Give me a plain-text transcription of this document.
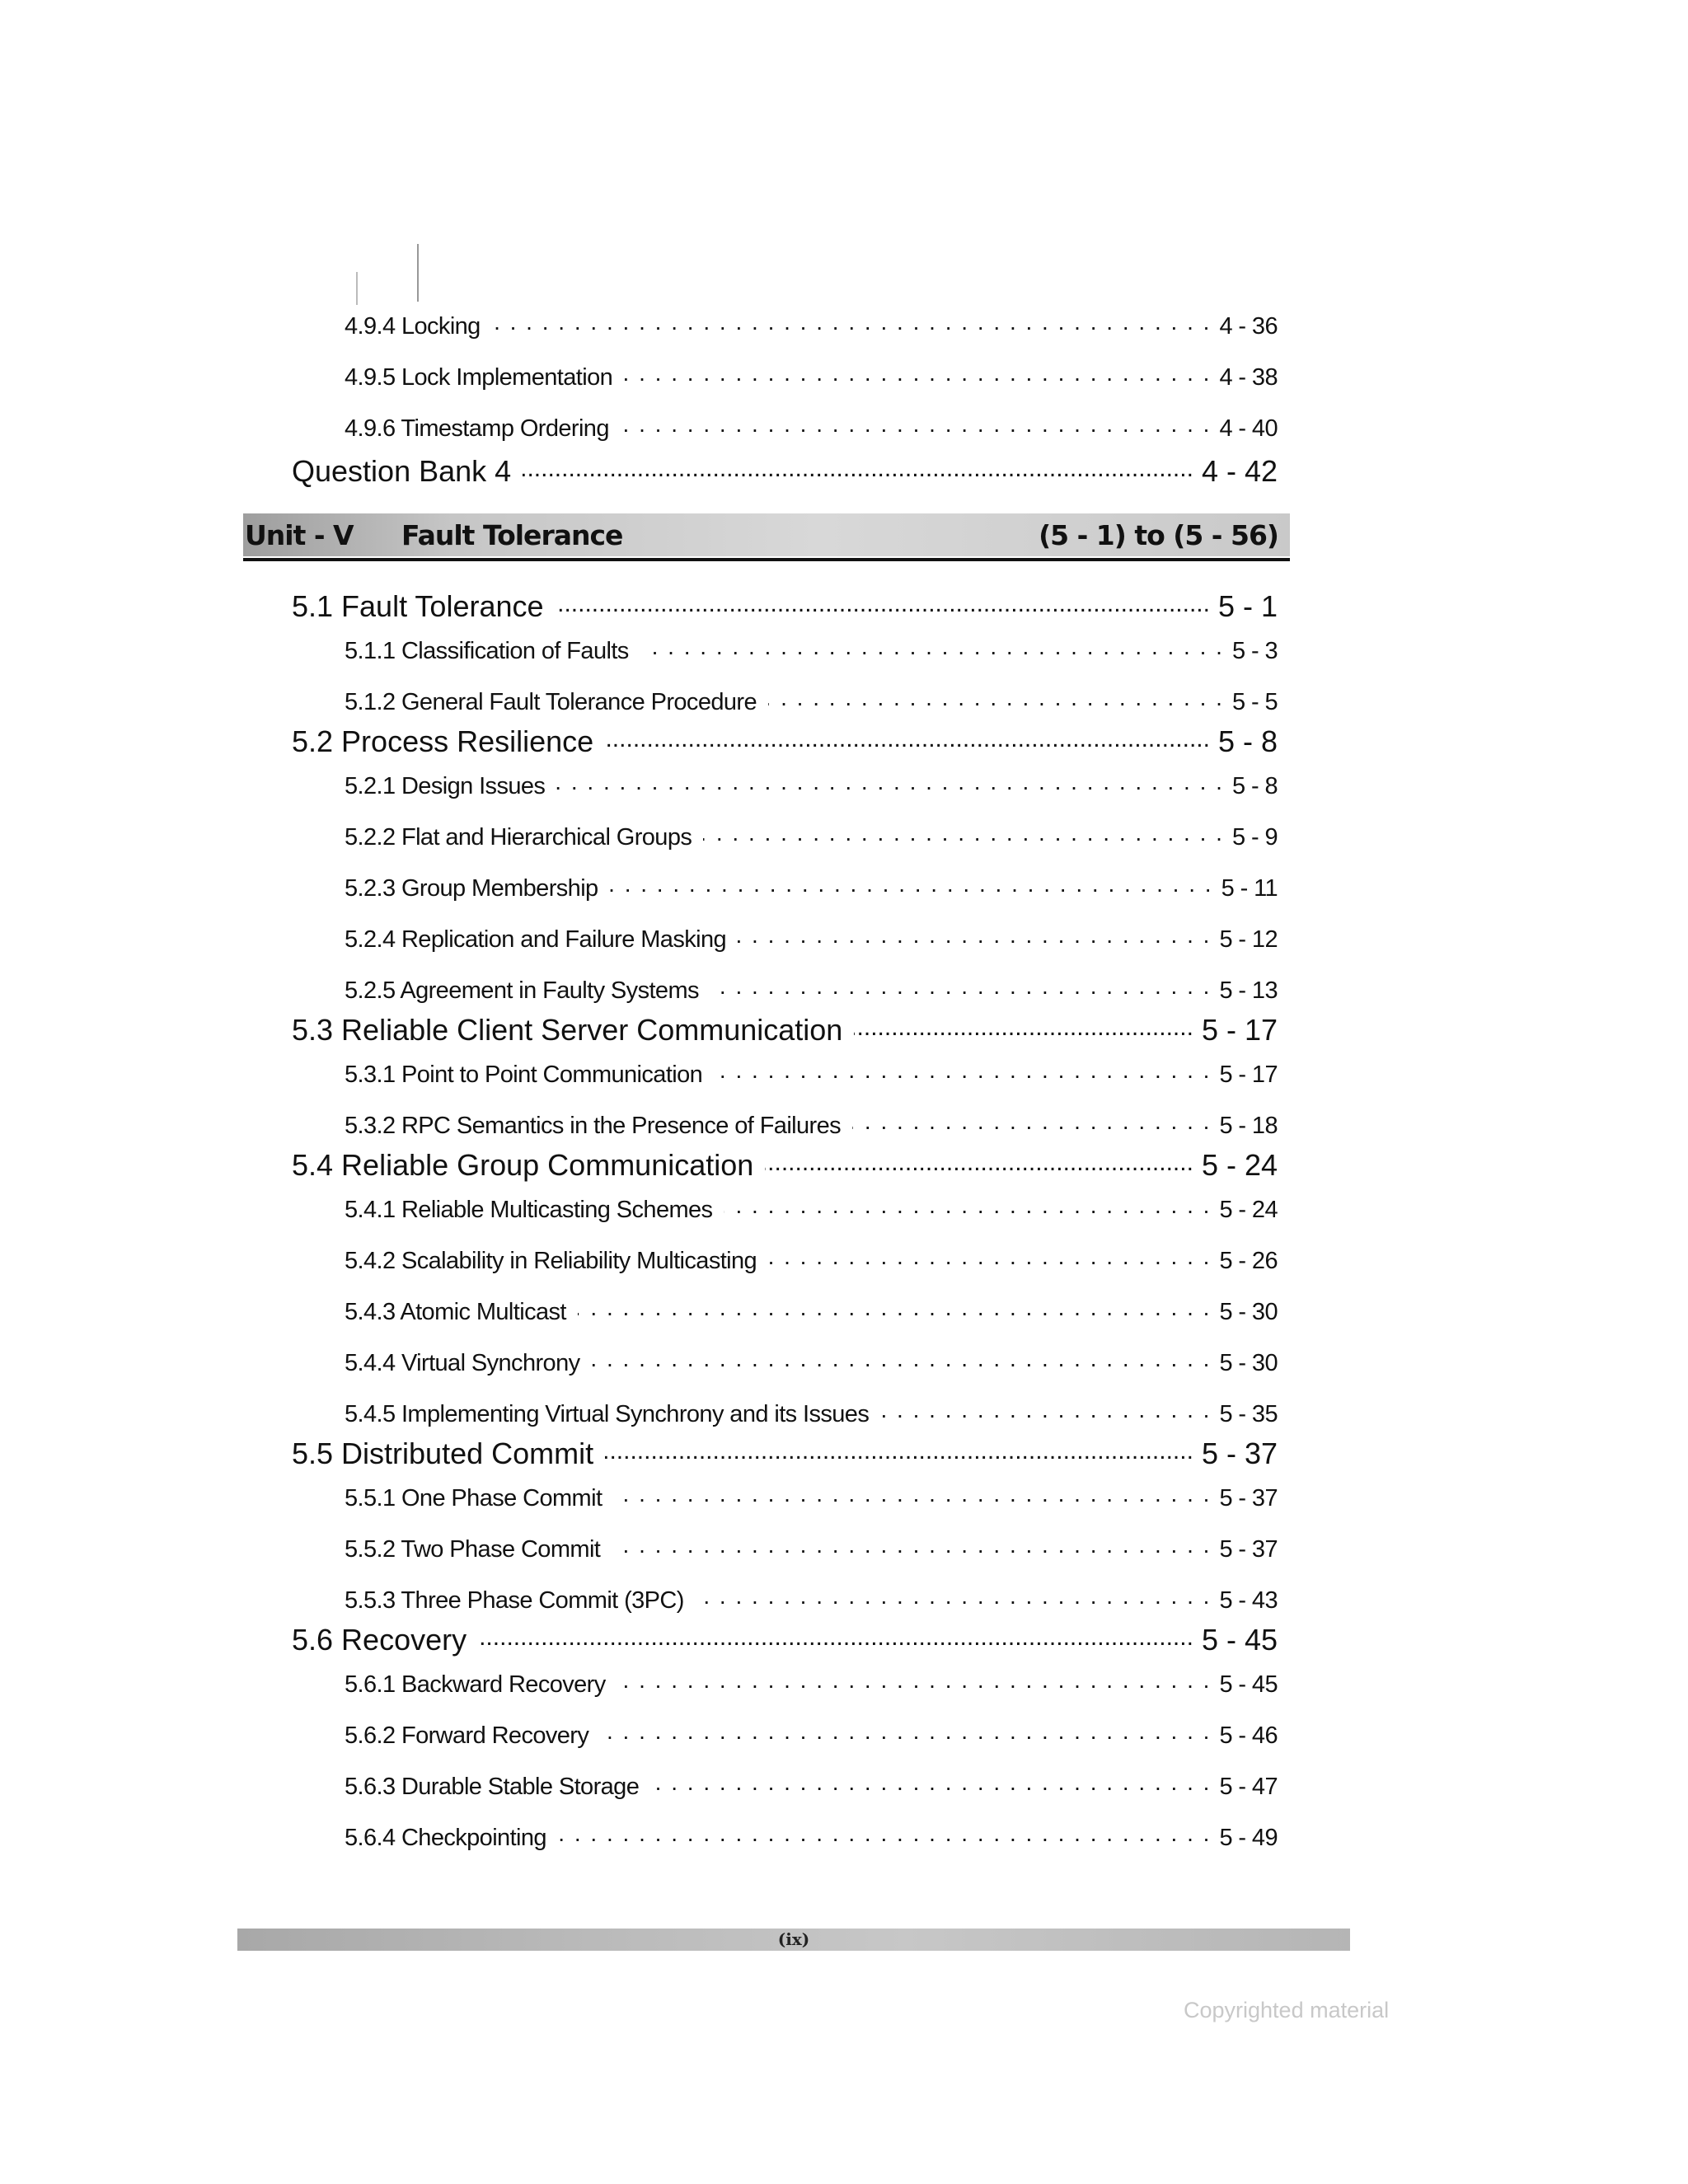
4.9.4 Locking . . .	4 - 36
4.9.5 Lock Implementation . . .	4 - 38
4.9.6 Timestamp Ordering . . .	4 - 40
Question Bank 4 .....	4 - 42
5.1 Fault Tolerance .....	5 - 1
5.1.1 Classification of Faults . . .	5 - 3
5.1.2 General Fault Tolerance Procedure . . .	5 - 5
5.2 Process Resilience .....	5 - 8
5.2.1 Design Issues . . .	5 - 8
5.2.2 Flat and Hierarchical Groups . . .	5 - 9
5.2.3 Group Membership . . .	5 - 11
5.2.4 Replication and Failure Masking . . .	5 - 12
5.2.5 Agreement in Faulty Systems . . .	5 - 13
5.3 Reliable Client Server Communication .....	5 - 17
5.3.1 Point to Point Communication . . .	5 - 17
5.3.2 RPC Semantics in the Presence of Failures . . .	5 - 18
5.4 Reliable Group Communication .....	5 - 24
5.4.1 Reliable Multicasting Schemes . . .	5 - 24
5.4.2 Scalability in Reliability Multicasting . . .	5 - 26
5.4.3 Atomic Multicast . . .	5 - 30
5.4.4 Virtual Synchrony . . .	5 - 30
5.4.5 Implementing Virtual Synchrony and its Issues . . .	5 - 35
5.5 Distributed Commit .....	5 - 37
5.5.1 One Phase Commit . . .	5 - 37
5.5.2 Two Phase Commit . . .	5 - 37
5.5.3 Three Phase Commit (3PC) . . .	5 - 43
5.6 Recovery .....	5 - 45
5.6.1 Backward Recovery . . .	5 - 45
5.6.2 Forward Recovery . . .	5 - 46
5.6.3 Durable Stable Storage . . .	5 - 47
5.6.4 Checkpointing . . .	5 - 49
Unit - V Fault Tolerance	(5 - 1) to (5 - 56)
(ix)
Copyrighted material
